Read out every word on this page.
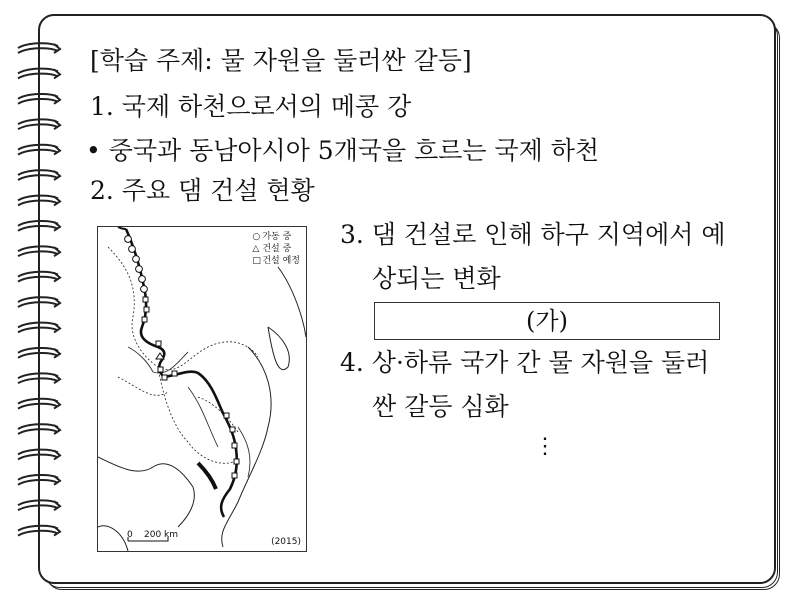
[학습 주제: 물 자원을 둘러싼 갈등]
1. 국제 하천으로서의 메콩 강
• 중국과 동남아시아 5개국을 흐르는 국제 하천
2. 주요 댐 건설 현황
○ 가동 중
△ 건설 중
□건설 예정
0 200 km
(2015)
3. 댐 건설로 인해 하구 지역에서 예
상되는 변화
(가)
4. 상·하류 국가 간 물 자원을 둘러
싼 갈등 심화
⋮
